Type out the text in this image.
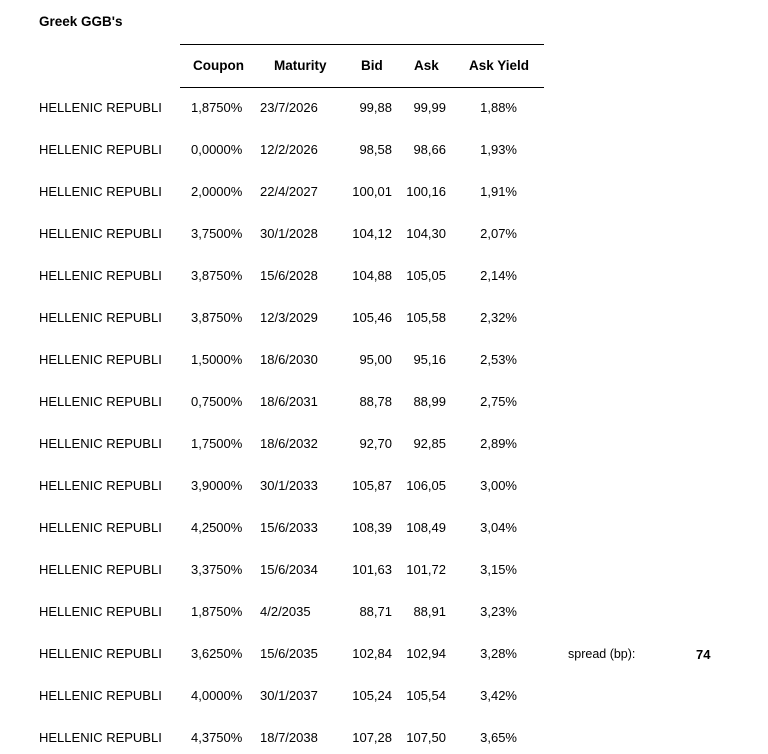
Greek GGB's
Coupon Maturity	Bid Ask Ask Yield
HELLENIC REPUBLI 1,8750% 23/7/2026	99,88 99,99	1,88%
HELLENIC REPUBLI 0,0000% 12/2/2026	98,58 98,66	1,93%
HELLENIC REPUBLI 2,0000% 22/4/2027	100,01 100,16	1,91%
HELLENIC REPUBLI 3,7500% 30/1/2028	104,12 104,30	2,07%
HELLENIC REPUBLI 3,8750% 15/6/2028	104,88 105,05	2,14%
HELLENIC REPUBLI 3,8750% 12/3/2029	105,46 105,58	2,32%
HELLENIC REPUBLI 1,5000% 18/6/2030	95,00 95,16	2,53%
HELLENIC REPUBLI 0,7500% 18/6/2031	88,78 88,99	2,75%
HELLENIC REPUBLI 1,7500% 18/6/2032	92,70 92,85	2,89%
HELLENIC REPUBLI 3,9000% 30/1/2033	105,87 106,05	3,00%
HELLENIC REPUBLI 4,2500% 15/6/2033	108,39 108,49	3,04%
HELLENIC REPUBLI 3,3750% 15/6/2034	101,63 101,72	3,15%
HELLENIC REPUBLI 1,8750% 4/2/2035	88,71 88,91	3,23%
HELLENIC REPUBLI 3,6250% 15/6/2035	102,84 102,94	3,28%
HELLENIC REPUBLI 4,0000% 30/1/2037	105,24 105,54	3,42%
HELLENIC REPUBLI 4,3750% 18/7/2038	107,28 107,50	3,65%
spread (bp):	74
